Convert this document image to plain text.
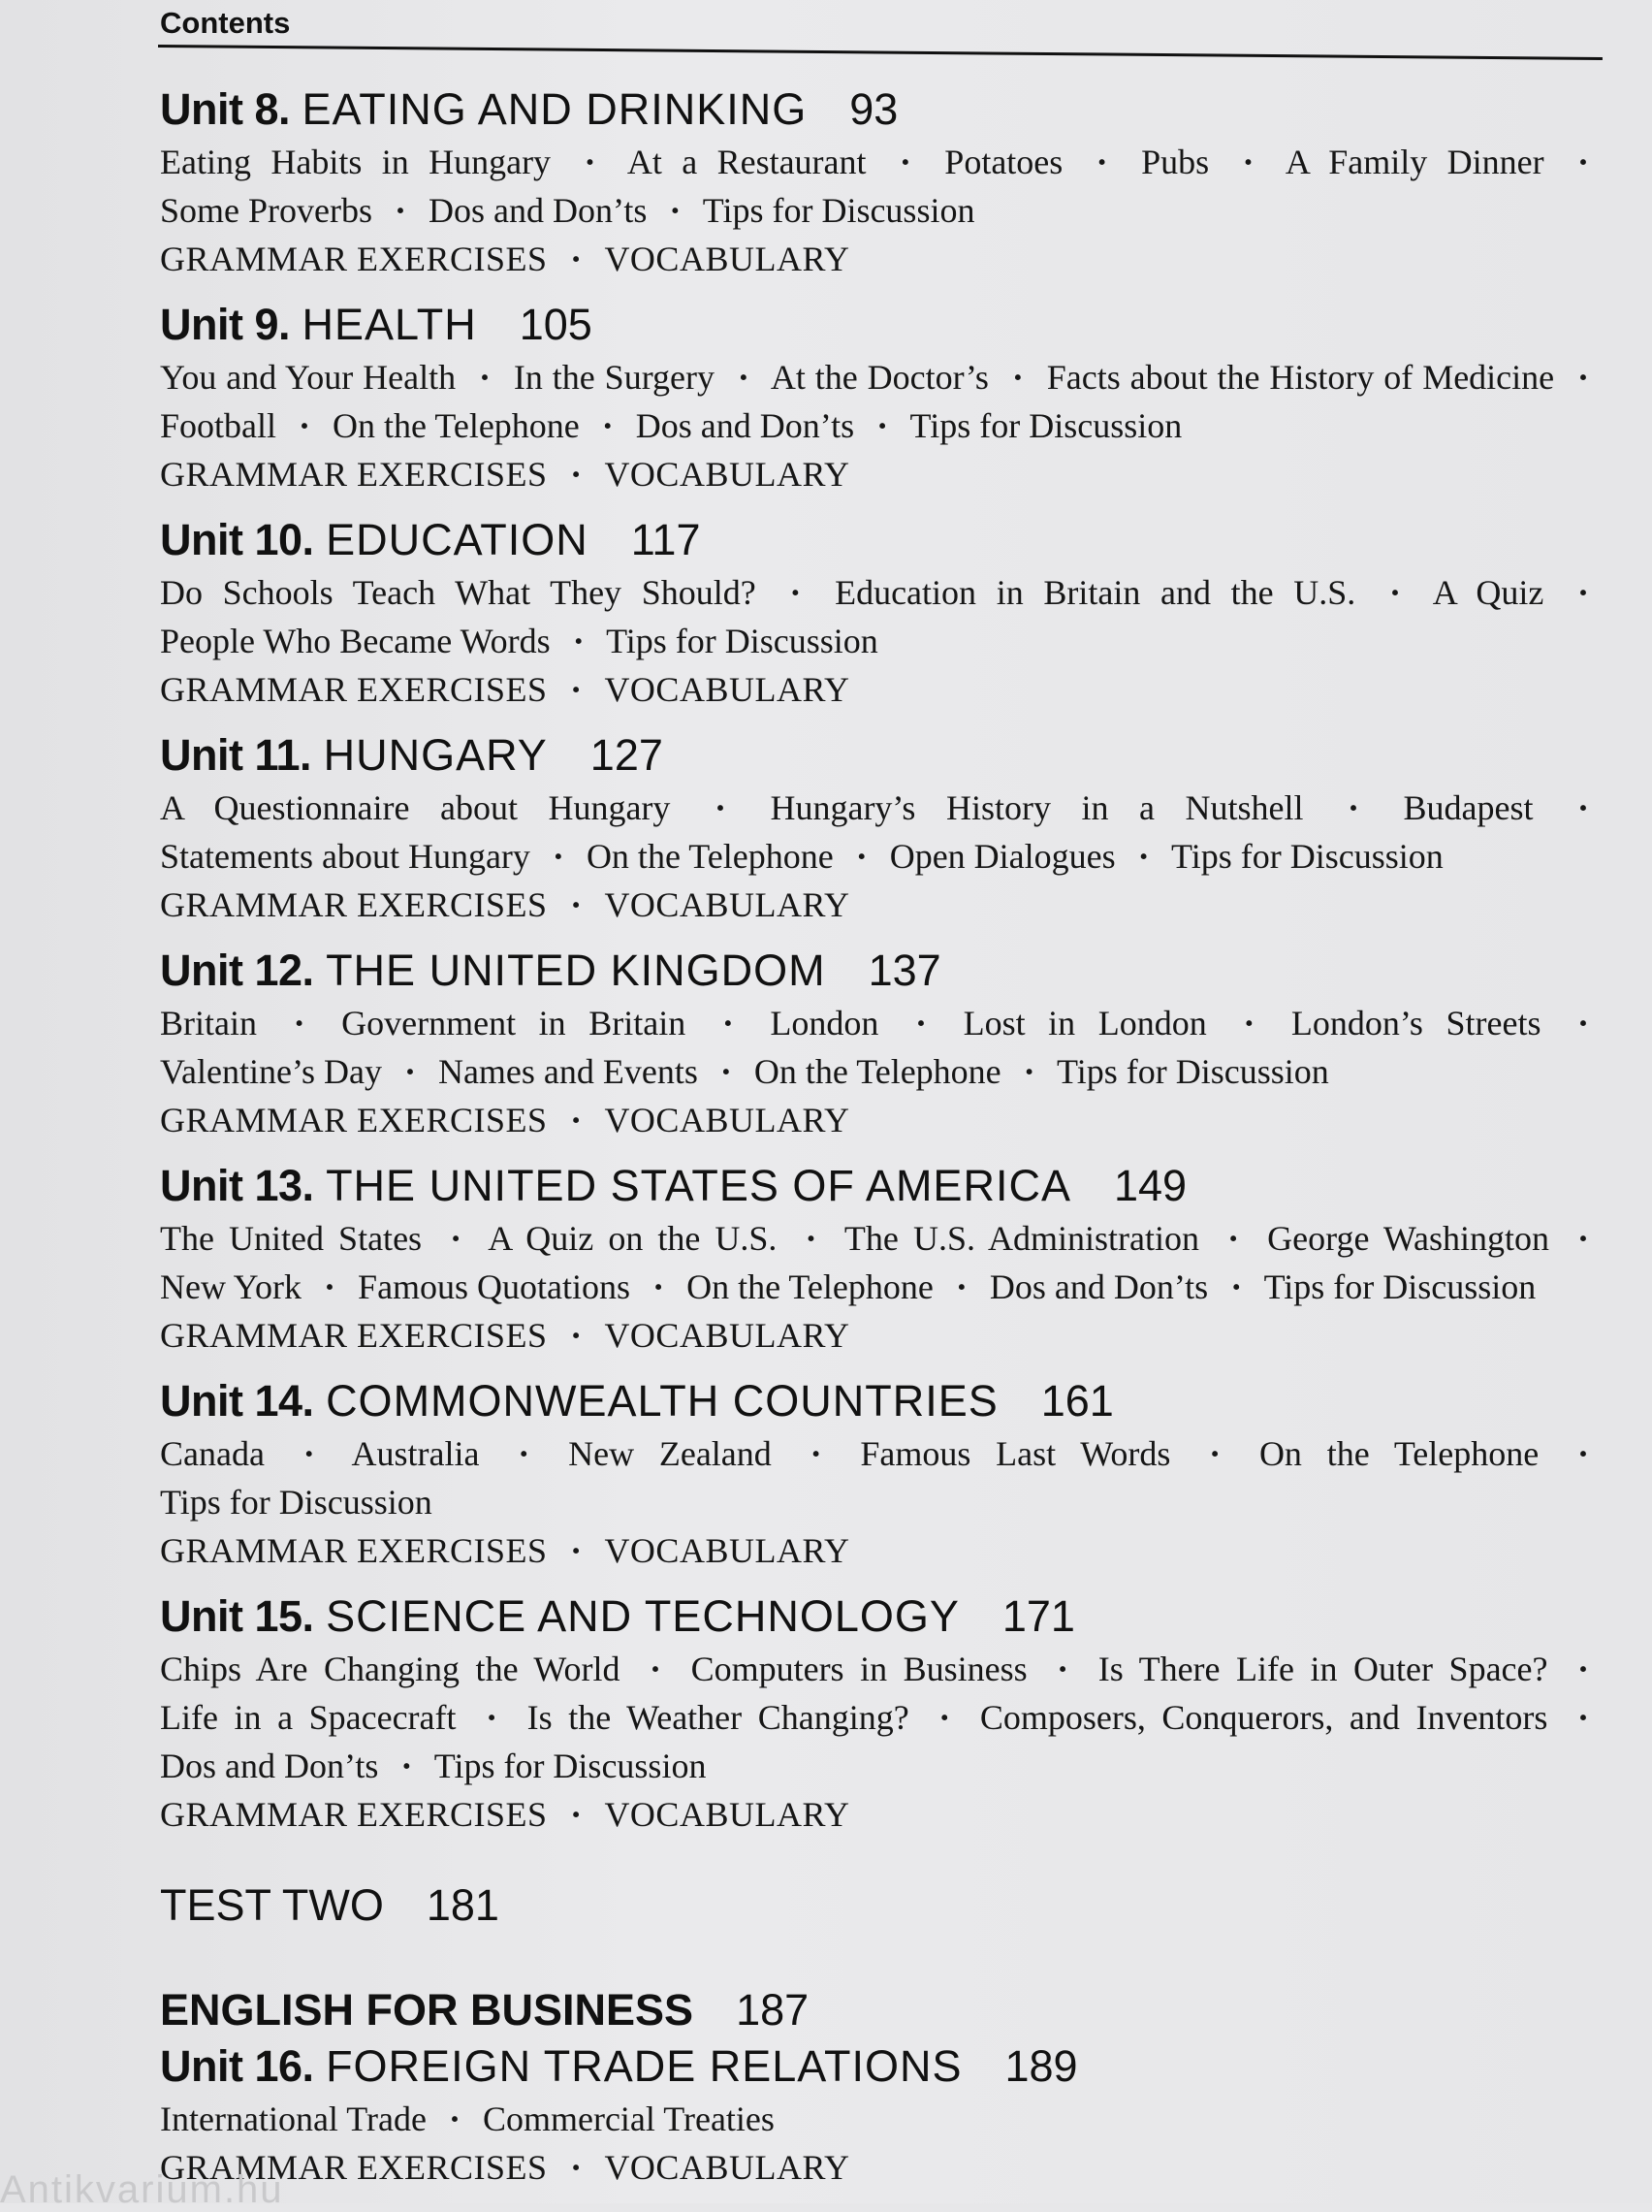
Contents
Unit 8. EATING AND DRINKING 93
Eating Habits in Hungary · At a Restaurant · Potatoes · Pubs · A Family Dinner · Some Proverbs · Dos and Don’ts · Tips for Discussion
GRAMMAR EXERCISES · VOCABULARY
Unit 9. HEALTH 105
You and Your Health · In the Surgery · At the Doctor’s · Facts about the History of Medicine · Football · On the Telephone · Dos and Don’ts · Tips for Discussion
GRAMMAR EXERCISES · VOCABULARY
Unit 10. EDUCATION 117
Do Schools Teach What They Should? · Education in Britain and the U.S. · A Quiz · People Who Became Words · Tips for Discussion
GRAMMAR EXERCISES · VOCABULARY
Unit 11. HUNGARY 127
A Questionnaire about Hungary · Hungary’s History in a Nutshell · Budapest · Statements about Hungary · On the Telephone · Open Dialogues · Tips for Discussion
GRAMMAR EXERCISES · VOCABULARY
Unit 12. THE UNITED KINGDOM 137
Britain · Government in Britain · London · Lost in London · London’s Streets · Valentine’s Day · Names and Events · On the Telephone · Tips for Discussion
GRAMMAR EXERCISES · VOCABULARY
Unit 13. THE UNITED STATES OF AMERICA 149
The United States · A Quiz on the U.S. · The U.S. Administration · George Washington · New York · Famous Quotations · On the Telephone · Dos and Don’ts · Tips for Discussion
GRAMMAR EXERCISES · VOCABULARY
Unit 14. COMMONWEALTH COUNTRIES 161
Canada · Australia · New Zealand · Famous Last Words · On the Telephone · Tips for Discussion
GRAMMAR EXERCISES · VOCABULARY
Unit 15. SCIENCE AND TECHNOLOGY 171
Chips Are Changing the World · Computers in Business · Is There Life in Outer Space? · Life in a Spacecraft · Is the Weather Changing? · Composers, Conquerors, and Inventors · Dos and Don’ts · Tips for Discussion
GRAMMAR EXERCISES · VOCABULARY
TEST TWO 181
ENGLISH FOR BUSINESS 187
Unit 16. FOREIGN TRADE RELATIONS 189
International Trade · Commercial Treaties
GRAMMAR EXERCISES · VOCABULARY
Antikvarium.hu
